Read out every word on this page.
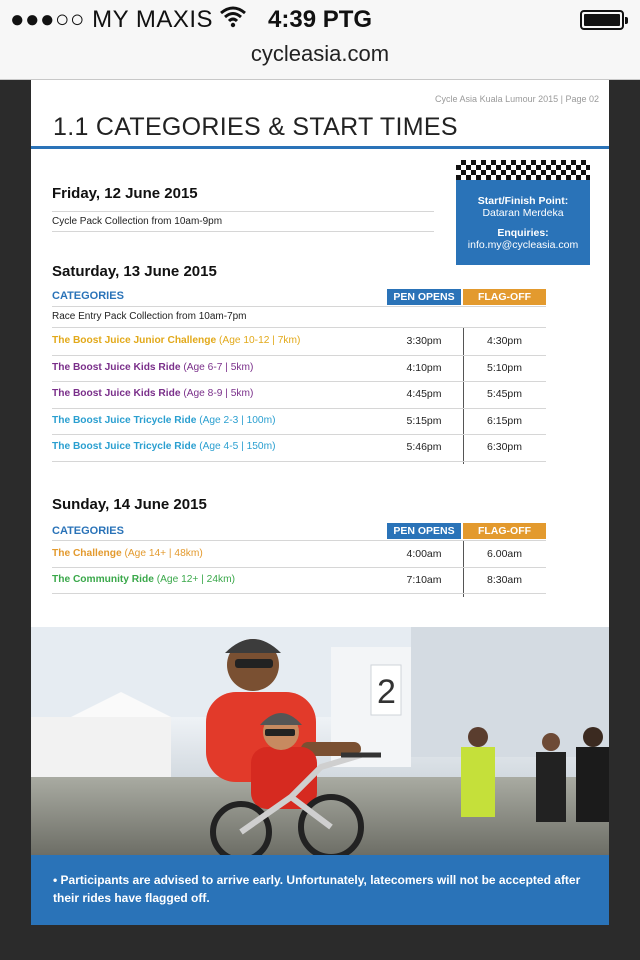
●●●○○ MY MAXIS 4:39 PTG
cycleasia.com
Cycle Asia Kuala Lumour 2015 | Page 02
1.1 CATEGORIES & START TIMES
Start/Finish Point:
Dataran Merdeka
Enquiries:
info.my@cycleasia.com
Friday, 12 June 2015
Cycle Pack Collection from 10am-9pm
Saturday, 13 June 2015
CATEGORIES	PEN OPENS	FLAG-OFF
Race Entry Pack Collection from 10am-7pm
The Boost Juice Junior Challenge (Age 10-12 | 7km)	3:30pm	4:30pm
The Boost Juice Kids Ride (Age 6-7 | 5km)	4:10pm	5:10pm
The Boost Juice Kids Ride (Age 8-9 | 5km)	4:45pm	5:45pm
The Boost Juice Tricycle Ride (Age 2-3 | 100m)	5:15pm	6:15pm
The Boost Juice Tricycle Ride (Age 4-5 | 150m)	5:46pm	6:30pm
Sunday, 14 June 2015
CATEGORIES	PEN OPENS	FLAG-OFF
The Challenge (Age 14+ | 48km)	4:00am	6.00am
The Community Ride (Age 12+ | 24km)	7:10am	8:30am
2
• Participants are advised to arrive early. Unfortunately, latecomers will not be accepted after their rides have flagged off.
